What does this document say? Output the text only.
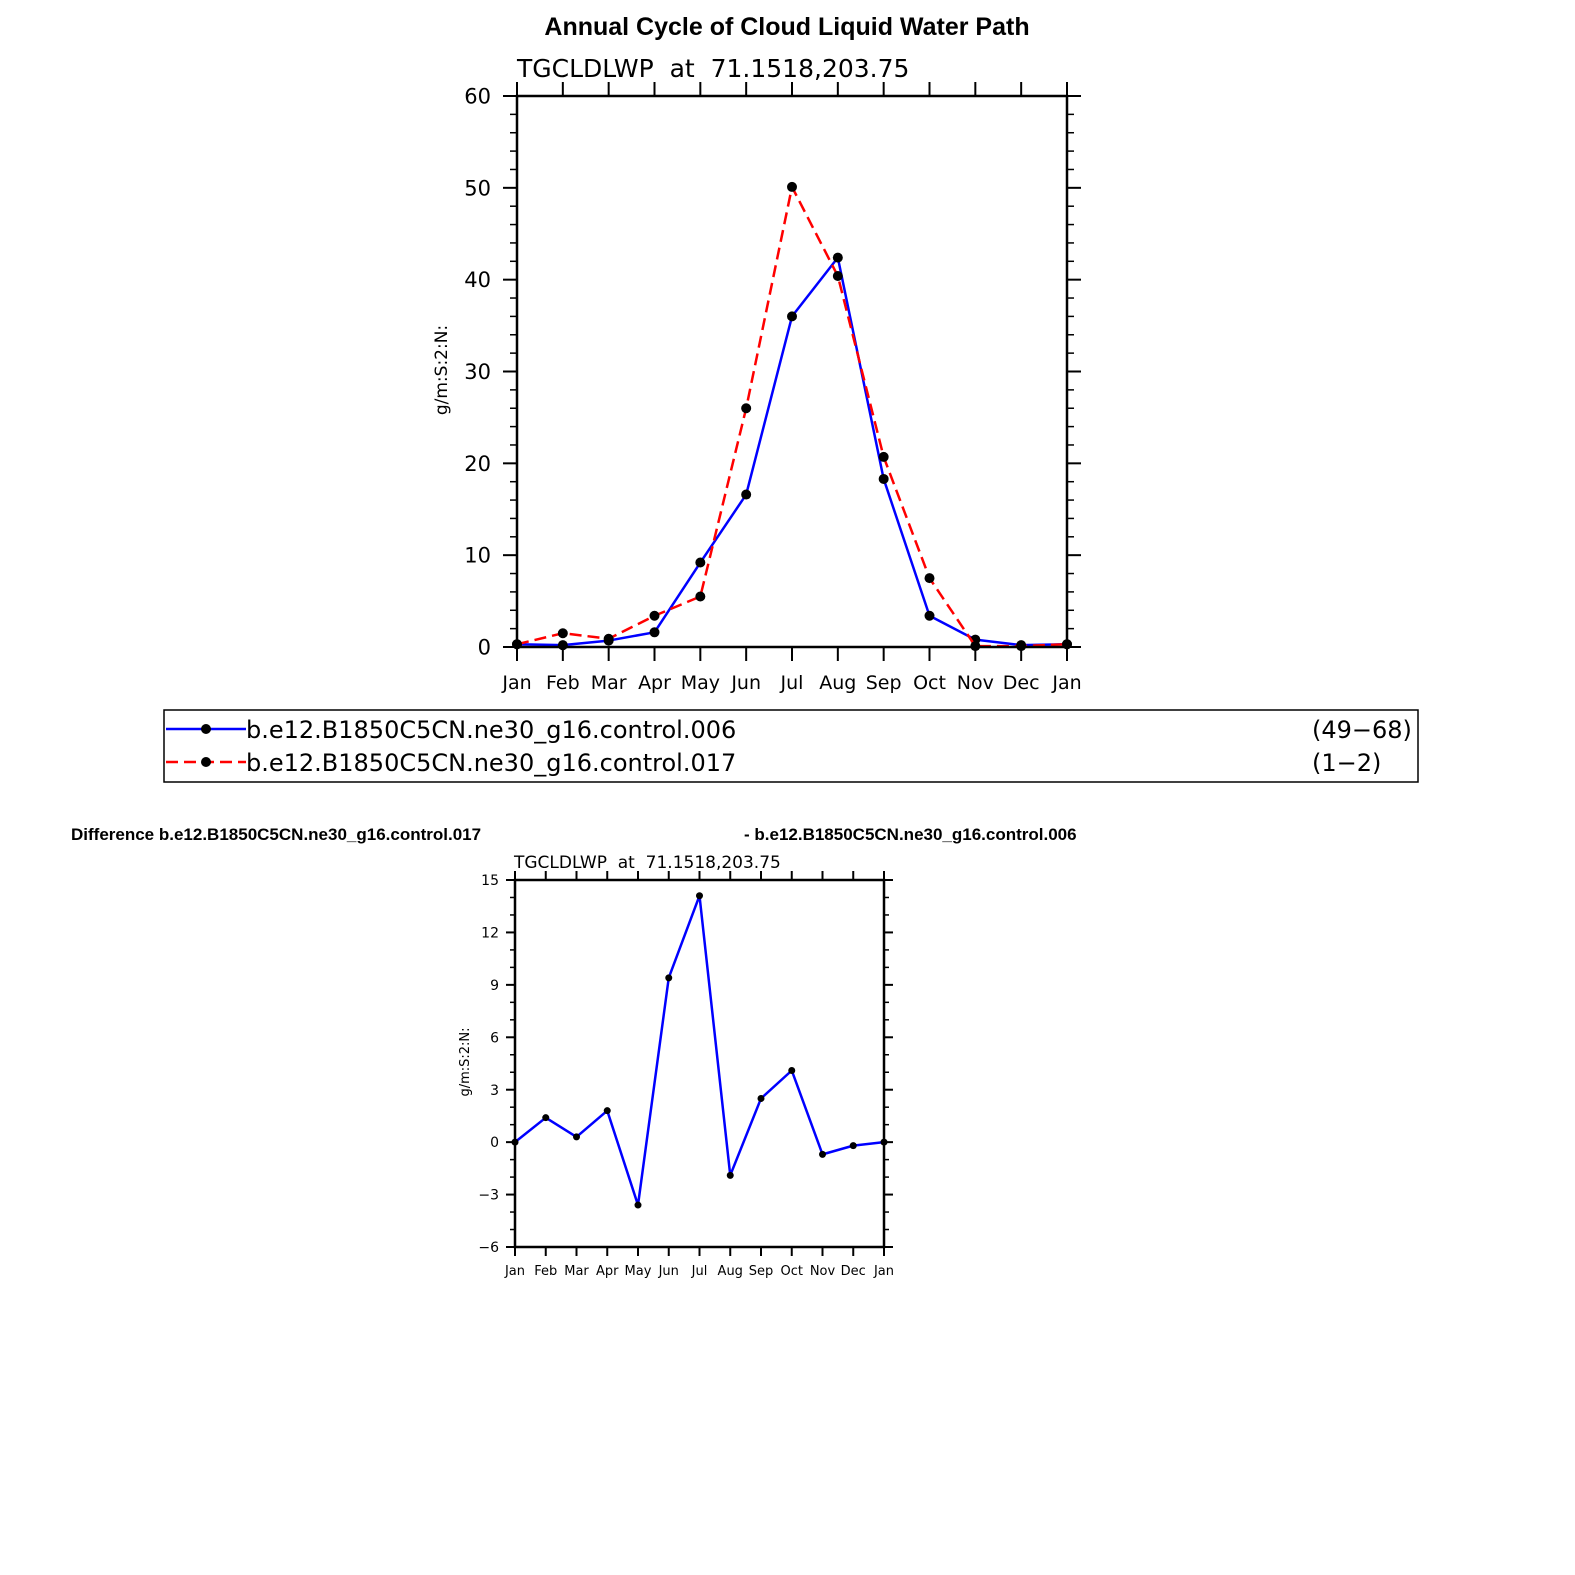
Annual Cycle of Cloud Liquid Water Path
TGCLDLWP  at  71.1518,203.75
g/m:S:2:N:
Jan Feb Mar Apr May Jun Jul Aug Sep Oct Nov Dec Jan
0
10
20
30
40
50
60
b.e12.B1850C5CN.ne30_g16.control.006	(49−68)
b.e12.B1850C5CN.ne30_g16.control.017	(1−2)
Difference b.e12.B1850C5CN.ne30_g16.control.017	- b.e12.B1850C5CN.ne30_g16.control.006
TGCLDLWP  at  71.1518,203.75
g/m:S:2:N:
Jan Feb Mar Apr May Jun Jul Aug Sep Oct Nov Dec Jan
−6
−3
0
3
6
9
12
15
